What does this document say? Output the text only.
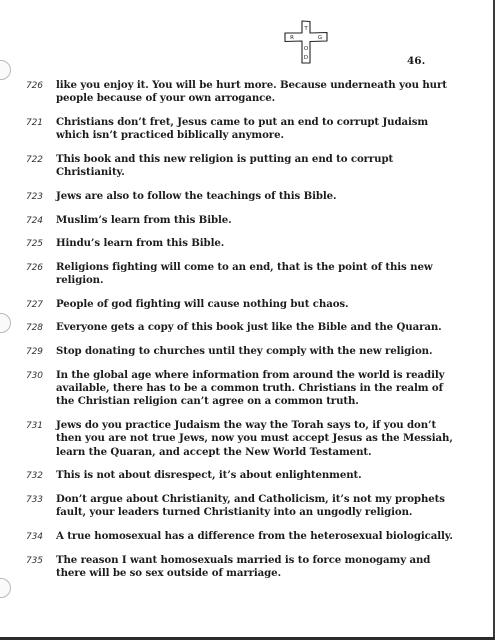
T
R	G
O
D	46.
726	like you enjoy it. You will be hurt more. Because underneath you hurt people because of your own arrogance.
721	Christians don’t fret, Jesus came to put an end to corrupt Judaism which isn’t practiced biblically anymore.
722	This book and this new religion is putting an end to corrupt Christianity.
723	Jews are also to follow the teachings of this Bible.
724	Muslim’s learn from this Bible.
725	Hindu’s learn from this Bible.
726	Religions fighting will come to an end, that is the point of this new religion.
727	People of god fighting will cause nothing but chaos.
728	Everyone gets a copy of this book just like the Bible and the Quaran.
729	Stop donating to churches until they comply with the new religion.
730	In the global age where information from around the world is readily available, there has to be a common truth. Christians in the realm of the Christian religion can’t agree on a common truth.
731	Jews do you practice Judaism the way the Torah says to, if you don’t then you are not true Jews, now you must accept Jesus as the Messiah, learn the Quaran, and accept the New World Testament.
732	This is not about disrespect, it’s about enlightenment.
733	Don’t argue about Christianity, and Catholicism, it’s not my prophets fault, your leaders turned Christianity into an ungodly religion.
734	A true homosexual has a difference from the heterosexual biologically.
735	The reason I want homosexuals married is to force monogamy and there will be so sex outside of marriage.
